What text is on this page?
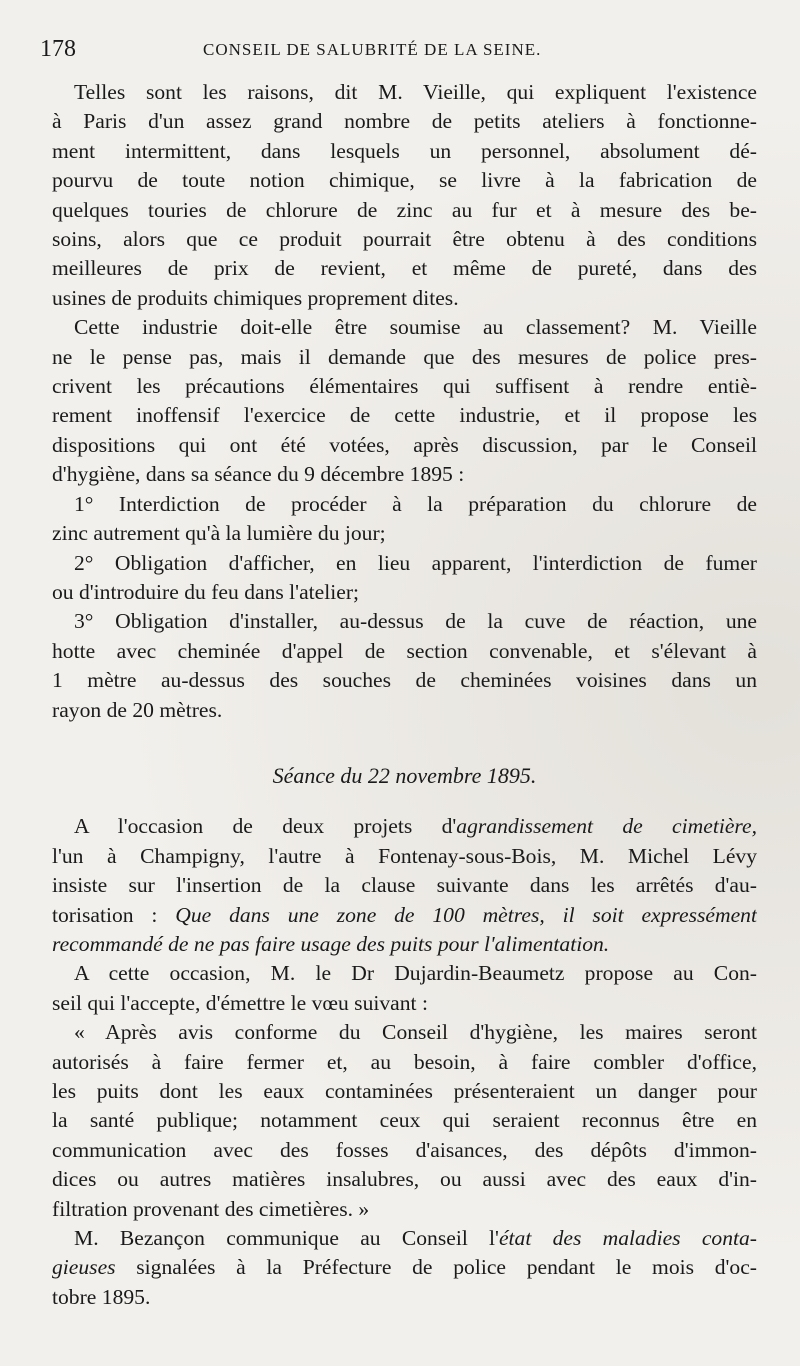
178	CONSEIL DE SALUBRITÉ DE LA SEINE.
Telles sont les raisons, dit M. Vieille, qui expliquent l'existence
à Paris d'un assez grand nombre de petits ateliers à fonctionne-
ment intermittent, dans lesquels un personnel, absolument dé-
pourvu de toute notion chimique, se livre à la fabrication de
quelques touries de chlorure de zinc au fur et à mesure des be-
soins, alors que ce produit pourrait être obtenu à des conditions
meilleures de prix de revient, et même de pureté, dans des
usines de produits chimiques proprement dites.
Cette industrie doit-elle être soumise au classement? M. Vieille
ne le pense pas, mais il demande que des mesures de police pres-
crivent les précautions élémentaires qui suffisent à rendre entiè-
rement inoffensif l'exercice de cette industrie, et il propose les
dispositions qui ont été votées, après discussion, par le Conseil
d'hygiène, dans sa séance du 9 décembre 1895 :
1° Interdiction de procéder à la préparation du chlorure de
zinc autrement qu'à la lumière du jour;
2° Obligation d'afficher, en lieu apparent, l'interdiction de fumer
ou d'introduire du feu dans l'atelier;
3° Obligation d'installer, au-dessus de la cuve de réaction, une
hotte avec cheminée d'appel de section convenable, et s'élevant à
1 mètre au-dessus des souches de cheminées voisines dans un
rayon de 20 mètres.
Séance du 22 novembre 1895.
A l'occasion de deux projets d'agrandissement de cimetière,
l'un à Champigny, l'autre à Fontenay-sous-Bois, M. Michel Lévy
insiste sur l'insertion de la clause suivante dans les arrêtés d'au-
torisation : Que dans une zone de 100 mètres, il soit expressément
recommandé de ne pas faire usage des puits pour l'alimentation.
A cette occasion, M. le Dr Dujardin-Beaumetz propose au Con-
seil qui l'accepte, d'émettre le vœu suivant :
« Après avis conforme du Conseil d'hygiène, les maires seront
autorisés à faire fermer et, au besoin, à faire combler d'office,
les puits dont les eaux contaminées présenteraient un danger pour
la santé publique; notamment ceux qui seraient reconnus être en
communication avec des fosses d'aisances, des dépôts d'immon-
dices ou autres matières insalubres, ou aussi avec des eaux d'in-
filtration provenant des cimetières. »
M. Bezançon communique au Conseil l'état des maladies conta-
gieuses signalées à la Préfecture de police pendant le mois d'oc-
tobre 1895.
